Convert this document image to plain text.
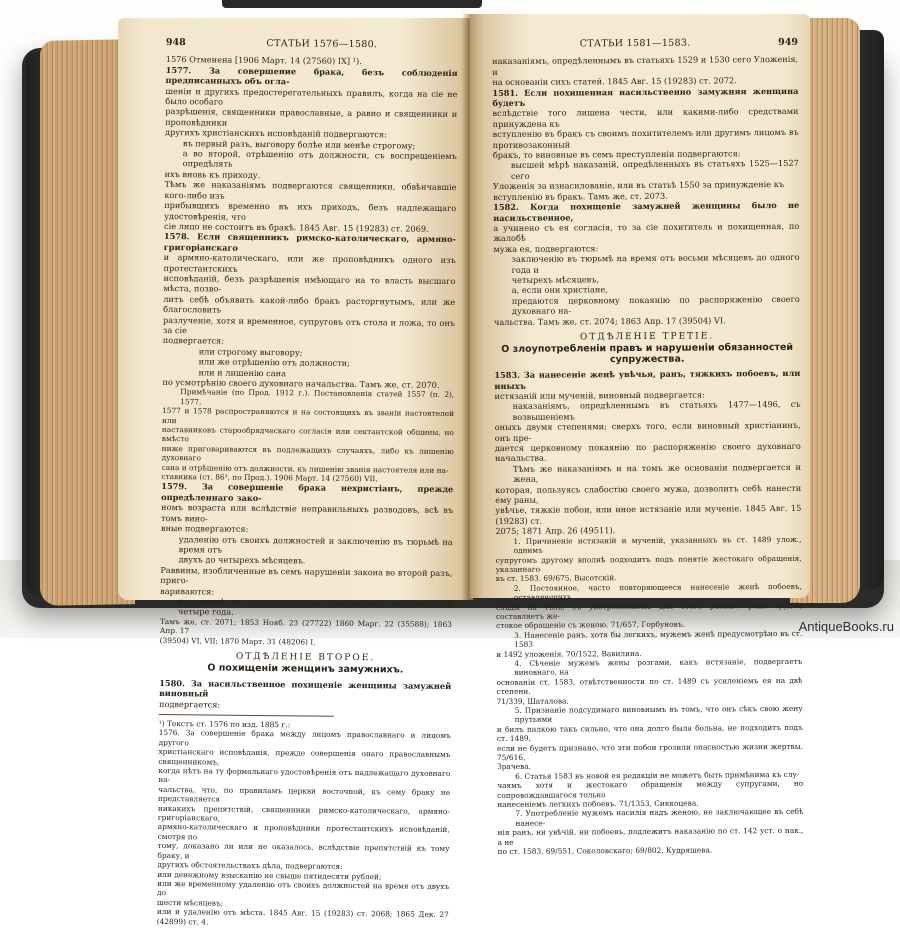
948	СТАТЬИ 1576—1580.
1576 Отменена [1906 Март. 14 (27560) IX] ¹).
1577. За совершение брака, безъ соблюденія предписанныхъ объ огла-
шеніи и другихъ предостерегательныхъ правилъ, когда на сіе не было особаго
разрѣшенія, священники православные, а равно и священники и проповѣдники
другихъ христіанскихъ исповѣданій подвергаются:
въ первый разъ, выговору болѣе или менѣе строгому;
а во второй, отрѣшенію отъ должности, съ воспрещеніемъ опредѣлять
ихъ вновь къ приходу.
Тѣмъ же наказаніямъ подвергаются священники, обвѣнчавшіе кого-либо изъ
прибывшихъ временно въ ихъ приходъ, безъ надлежащаго удостовѣренія, что
сіе лицо не состоитъ въ бракѣ. 1845 Авг. 15 (19283) ст. 2069.
1578. Если священникъ римско-католическаго, армяно-григоріанскаго
и армяно-католическаго, или же проповѣдникъ одного изъ протестантскихъ
исповѣданій, безъ разрѣшенія имѣющаго на то власть высшаго мѣста, позво-
литъ себѣ объявить какой-либо бракъ расторгнутымъ, или же благословить
разлученіе, хотя и временное, супруговъ отъ стола и ложа, то онъ за сіе
подвергается:
или строгому выговору;
или же отрѣшенію отъ должности;
или и лишенію сана
по усмотрѣнію своего духовнаго начальства. Тамъ же, ст. 2070.
Примѣчаніе (по Прод. 1912 г.). Постановленія статей 1557 (п. 2), 1577,
1577 и 1578 распространяются и на состоящихъ въ званіи настоятелей или
наставниковъ старообрядческаго согласія или сектантской общины, но вмѣсто
ниже приговариваются въ подлежащихъ случаяхъ, либо къ лишенію духовнаго
сана и отрѣшенію отъ должности, къ лишенію званія настоятеля или на-
ставника (ст. 86³, по Прод.). 1906 Март. 14 (27560) VII.
1579. За совершеніе брака нехристіанъ, прежде опредѣленнаго зако-
номъ возраста или вслѣдствіе неправильныхъ разводовъ, всѣ въ томъ вино-
вные подвергаются:
удаленію отъ своихъ должностей и заключенію въ тюрьмѣ на время отъ
двухъ до четырехъ мѣсяцевъ.
Раввины, изобличенные въ семъ нарушеніи закона во второй разъ, приго-
вариваются:
къ отдачѣ въ исправительныя арестантскія отдѣленія на четыре года.
Тамъ же, ст. 2071; 1853 Нояб. 23 (27722) 1860 Марг. 22 (35588); 1863 Апр. 17
(39504) VI, VII; 1870 Март. 31 (48206) I.
ОТДѢЛЕНІЕ ВТОРОЕ.
О похищеніи женщинъ замужнихъ.
1580. За насильственное похищеніе женщины замужней виновный
подвергается:
¹) Текстъ ст. 1576 по изд. 1885 г.:
1576. За совершеніе брака между лицомъ православнаго и лицомъ другого
христіанскаго исповѣданія, прежде совершенія онаго православнымъ священникомъ,
когда нѣтъ на ту формальнаго удостовѣренія отъ надлежащаго духовнаго на-
чальства, что, по правиламъ церкви восточной, къ сему браку не представляется
никакихъ препятствій, священники римско-католическаго, армяно-григоріанскаго,
армяно-католическаго и проповѣдники протестантскихъ исповѣданій, смотря по
тому, доказано ли или не оказалось, вслѣдствіе препятствій къ тому браку, и
другихъ обстоятельствахъ дѣла, подвергаются:
или денежному взысканію не свыше пятидесяти рублей;
или же временному удаленію отъ своихъ должностей на время отъ двухъ до
шести мѣсяцевъ;
или и удаленію отъ мѣста. 1845 Авг. 15 (19283) ст. 2068; 1865 Дек. 27 (42899) ст. 4.
СТАТЬИ 1581—1583.	949
наказаніямъ, опредѣленнымъ въ статьяхъ 1529 и 1530 сего Уложенія, и
на основаніи сихъ статей. 1845 Авг. 15 (19283) ст. 2072.
1581. Если похищенная насильственно замужняя женщина будетъ
вслѣдствіе того лишена чести, или какими-либо средствами принуждена къ
вступленію въ бракъ съ своимъ похитителемъ или другимъ лицомъ въ противозаконный
бракъ, то виновные въ семъ преступленіи подвергаются:
высшей мѣрѣ наказаній, опредѣленныхъ въ статьяхъ 1525—1527 сего
Уложенія за изнасилованіе, или въ статьѣ 1550 за принужденіе къ
вступленію въ бракъ. Тамъ же, ст. 2073.
1582. Когда похищеніе замужней женщины было не насильственное,
а учинено съ ея согласія, то за сіе похититель и похищенная, по жалобѣ
мужа ея, подвергаются:
заключенію въ тюрьмѣ на время отъ восьми мѣсяцевъ до одного года и
четырехъ мѣсяцевъ,
а, если они христіане,
предаются церковному покаянію по распоряженію своего духовнаго на-
чальства. Тамъ же, ст. 2074; 1863 Апр. 17 (39504) VI.
ОТДѢЛЕНІЕ ТРЕТІЕ.
О злоупотребленіи правъ и нарушеніи обязанностей супружества.
1583. За нанесеніе женѣ увѣчья, ранъ, тяжкихъ побоевъ, или иныхъ
истязаній или мученій, виновный подвергается:
наказаніямъ, опредѣленнымъ въ статьяхъ 1477—1496, съ возвышеніемъ
оныхъ двумя степенями; сверхъ того, если виновный христіанинъ, онъ пре-
дается церковному покаянію по распоряженію своего духовнаго начальства.
Тѣмъ же наказаніямъ и на томъ же основаніи подвергается и жена,
которая, пользуясь слабостію своего мужа, дозволитъ себѣ нанести ему раны,
увѣчье, тяжкіе побои, или иное истязаніе или мученіе. 1845 Авг. 15 (19283) ст.
2075; 1871 Апр. 26 (49511).
1. Причиненіе истязаній и мученій, указанныхъ въ ст. 1489 улож., однимъ
супругомъ другому вполнѣ подходитъ подъ понятіе жестокаго обращенія, указаннаго
въ ст. 1583. 69/675, Высотскій.
2. Постоянное, часто повторяющееся нанесеніе женѣ побоевъ, оставляющихъ
слѣды на тѣлѣ, съ употребленіемъ для этого разнаго рода орудій, составляетъ же-
стокое обращеніе съ женою. 71/657, Горбуновъ.
3. Нанесеніе ранъ, хотя бы легкихъ, мужемъ женѣ предусмотрѣно въ ст. 1583
и 1492 уложенія. 70/1522, Вавилина.
4. Сѣченіе мужемъ жены розгами, какъ истязаніе, подвергаетъ виновнаго, на
основаніи ст. 1583, отвѣтственности по ст. 1489 съ усиленіемъ ея на двѣ степени.
71/339, Шаталова.
5. Признаніе подсудимаго виновнымъ въ томъ, что онъ сѣкъ свою жену прутьями
и билъ палкою такъ сильно, что она долго была больна, не подходитъ подъ ст. 1489,
если не будетъ признано, что эти побои грозили опасностью жизни жертвы. 75/616,
Зрачева.
6. Статья 1583 въ новой ея редакціи не можетъ быть примѣнима къ слу-
чаямъ хотя и жестокаго обращенія между супругами, но сопровождавшагося только
нанесеніемъ легкихъ побоевъ. 71/1353, Сиккоцева.
7. Употребленіе мужемъ насилія надъ женою, не заключающее въ себѣ нанесе-
нія ранъ, ни увѣчій, ни побоевъ, подлежитъ наказанію по ст. 142 уст. о нак., а не
по ст. 1583. 69/551, Соколовскаго; 69/802, Кудряшева.
AntiqueBooks.ru
